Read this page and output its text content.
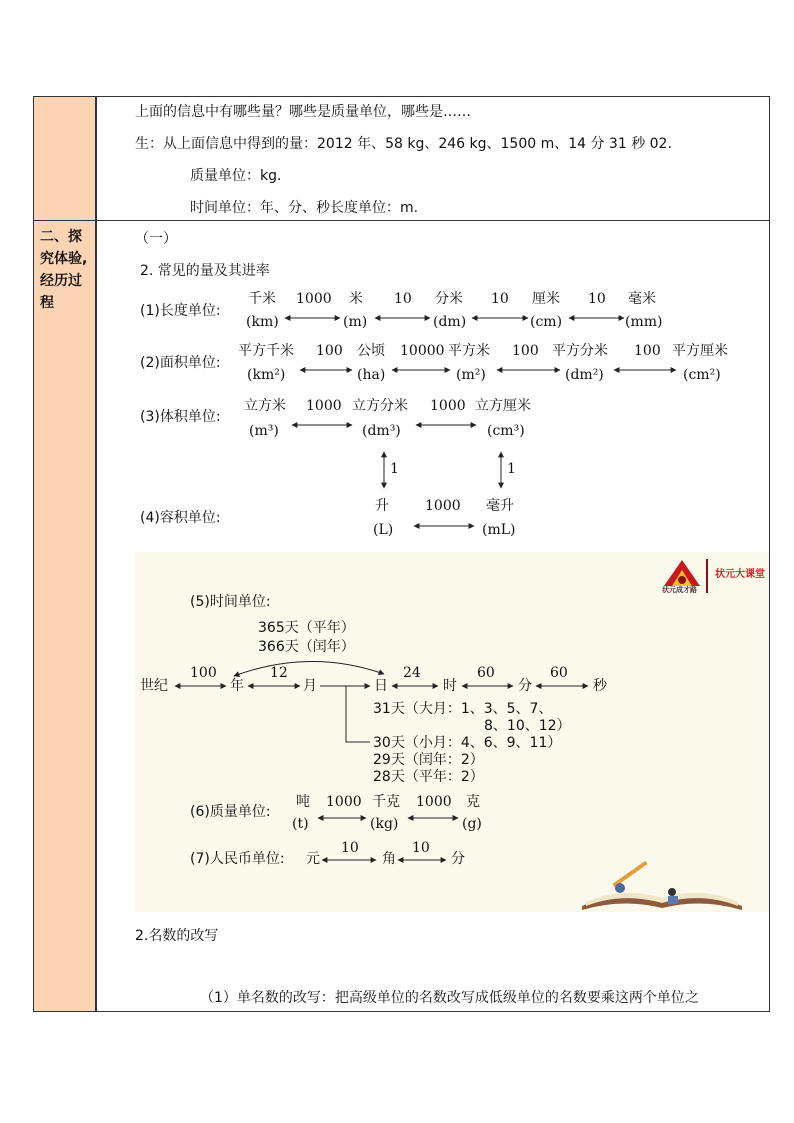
上面的信息中有哪些量？哪些是质量单位，哪些是……
生：从上面信息中得到的量：2012 年、58 kg、246 kg、1500 m、14 分 31 秒 02.
质量单位：kg.
时间单位：年、分、秒长度单位：m.
二、探
究体验,
经历过
程
（一）
2. 常见的量及其进率
(1)长度单位:
千米	米	分米	厘米	毫米
(km)	(m)	(dm)	(cm)	(mm)
1000	10	10	10
(2)面积单位:
平方千米	公顷	平方米	平方分米	平方厘米
(km²)	(ha)	(m²)	(dm²)	(cm²)
100	10000	100	100
(3)体积单位:
立方米	立方分米	立方厘米
(m³)	(dm³)	(cm³)
1000	1000
1	1
(4)容积单位:
升	毫升
(L)	(mL)
1000
状元成才路
状元大课堂
(5)时间单位:
365天（平年）
366天（闰年）
世纪	年	月	日	时	分	秒
100	12	24	60	60
31天（大月：1、3、5、7、
8、10、12）
30天（小月：4、6、9、11）
29天（闰年：2）
28天（平年：2）
(6)质量单位:
吨	千克	克
(t)	(kg)	(g)
1000	1000
(7)人民币单位: 元	角	分
10	10
2.名数的改写
（1）单名数的改写：把高级单位的名数改写成低级单位的名数要乘这两个单位之
